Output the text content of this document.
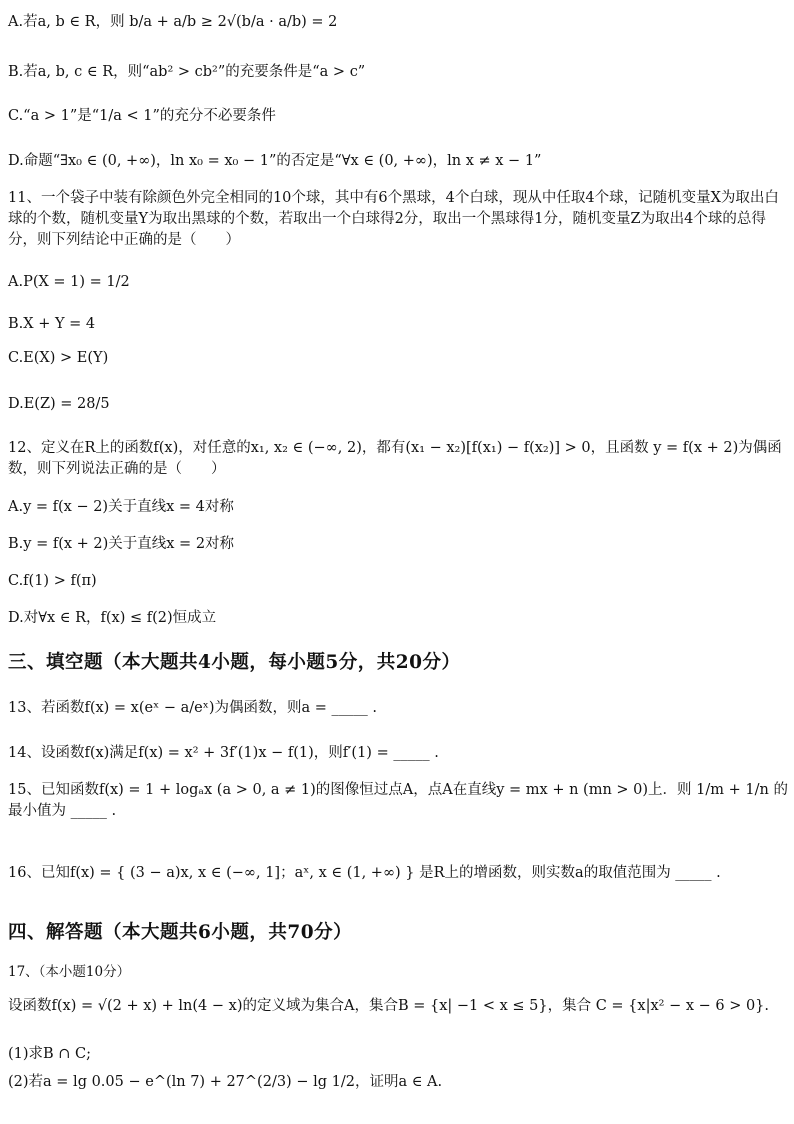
A.若a, b ∈ R，则 b/a + a/b ≥ 2√(b/a · a/b) = 2
B.若a, b, c ∈ R，则“ab² > cb²”的充要条件是“a > c”
C.“a > 1”是“1/a < 1”的充分不必要条件
D.命题“∃x₀ ∈ (0, +∞)，ln x₀ = x₀ − 1”的否定是“∀x ∈ (0, +∞)，ln x ≠ x − 1”
11、一个袋子中装有除颜色外完全相同的10个球，其中有6个黑球，4个白球，现从中任取4个球，记随机变量X为取出白球的个数，随机变量Y为取出黑球的个数，若取出一个白球得2分，取出一个黑球得1分，随机变量Z为取出4个球的总得分，则下列结论中正确的是（　　）
A.P(X = 1) = 1/2
B.X + Y = 4
C.E(X) > E(Y)
D.E(Z) = 28/5
12、定义在R上的函数f(x)，对任意的x₁, x₂ ∈ (−∞, 2)，都有(x₁ − x₂)[f(x₁) − f(x₂)] > 0，且函数 y = f(x + 2)为偶函数，则下列说法正确的是（　　）
A.y = f(x − 2)关于直线x = 4对称
B.y = f(x + 2)关于直线x = 2对称
C.f(1) > f(π)
D.对∀x ∈ R，f(x) ≤ f(2)恒成立
三、填空题（本大题共4小题，每小题5分，共20分）
13、若函数f(x) = x(eˣ − a/eˣ)为偶函数，则a = _____ .
14、设函数f(x)满足f(x) = x² + 3f′(1)x − f(1)，则f′(1) = _____ .
15、已知函数f(x) = 1 + logₐx (a > 0, a ≠ 1)的图像恒过点A，点A在直线y = mx + n (mn > 0)上．则 1/m + 1/n 的最小值为 _____ .
16、已知f(x) = { (3 − a)x, x ∈ (−∞, 1]；aˣ, x ∈ (1, +∞) } 是R上的增函数，则实数a的取值范围为 _____ .
四、解答题（本大题共6小题，共70分）
17、（本小题10分）
设函数f(x) = √(2 + x) + ln(4 − x)的定义域为集合A，集合B = {x| −1 < x ≤ 5}，集合 C = {x|x² − x − 6 > 0}.
(1)求B ∩ C;
(2)若a = lg 0.05 − e^(ln 7) + 27^(2/3) − lg 1/2，证明a ∈ A.
